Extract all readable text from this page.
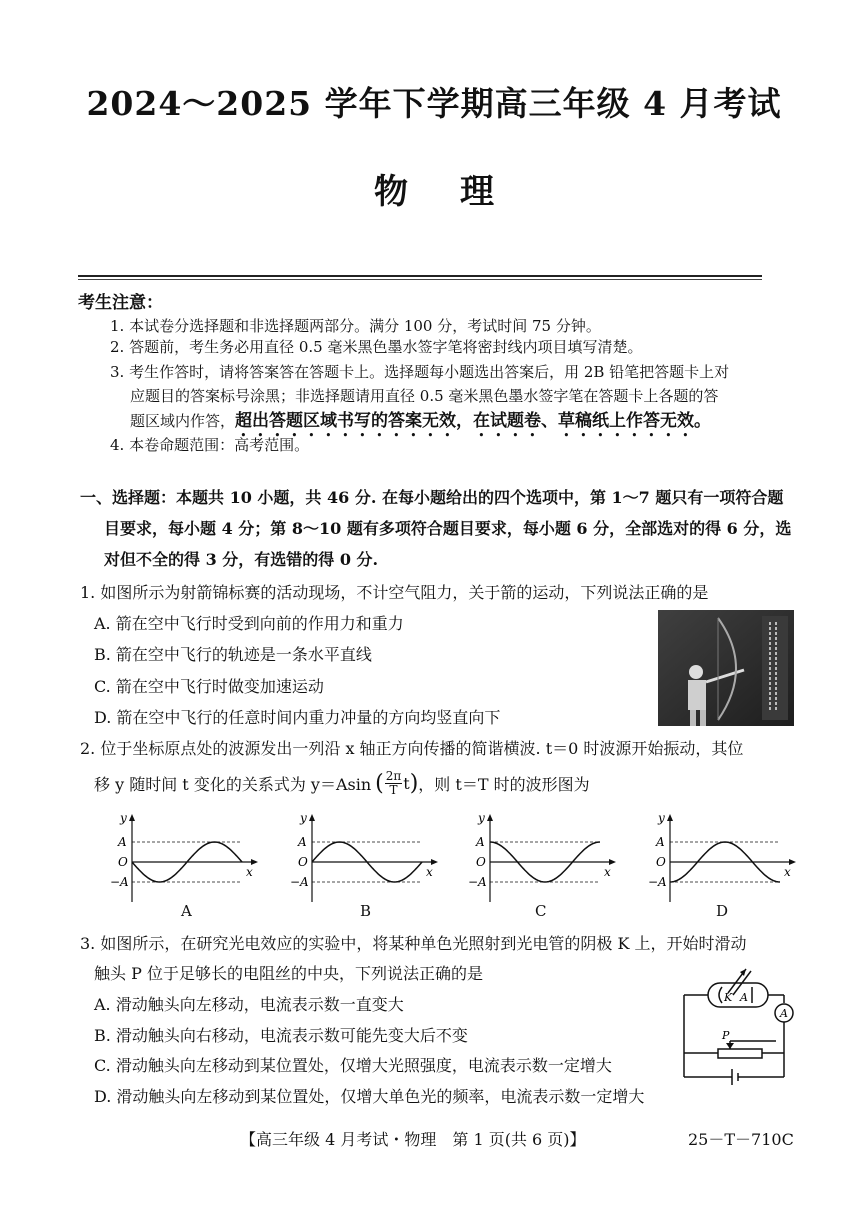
2024～2025 学年下学期高三年级 4 月考试
物理
考生注意：
1. 本试卷分选择题和非选择题两部分。满分 100 分，考试时间 75 分钟。
2. 答题前，考生务必用直径 0.5 毫米黑色墨水签字笔将密封线内项目填写清楚。
3. 考生作答时，请将答案答在答题卡上。选择题每小题选出答案后，用 2B 铅笔把答题卡上对
应题目的答案标号涂黑；非选择题请用直径 0.5 毫米黑色墨水签字笔在答题卡上各题的答
题区域内作答，超出答题区域书写的答案无效，在试题卷、草稿纸上作答无效。
4. 本卷命题范围：高考范围。
一、选择题：本题共 10 小题，共 46 分. 在每小题给出的四个选项中，第 1～7 题只有一项符合题
目要求，每小题 4 分；第 8～10 题有多项符合题目要求，每小题 6 分，全部选对的得 6 分，选
对但不全的得 3 分，有选错的得 0 分.
1. 如图所示为射箭锦标赛的活动现场，不计空气阻力，关于箭的运动，下列说法正确的是
A. 箭在空中飞行时受到向前的作用力和重力
B. 箭在空中飞行的轨迹是一条水平直线
C. 箭在空中飞行时做变加速运动
D. 箭在空中飞行的任意时间内重力冲量的方向均竖直向下
2. 位于坐标原点处的波源发出一列沿 x 轴正方向传播的简谐横波. t＝0 时波源开始振动，其位
移 y 随时间 t 变化的关系式为 y＝Asin ( $\frac{2\pi}{T}$ t ) ，则 t＝T 时的波形图为
y
A
O
−A
x
y
A
O
−A
x
y
A
O
−A
x
y
A
O
−A
x
A	B	C	D
3. 如图所示，在研究光电效应的实验中，将某种单色光照射到光电管的阴极 K 上，开始时滑动
触头 P 位于足够长的电阻丝的中央，下列说法正确的是
A. 滑动触头向左移动，电流表示数一直变大
B. 滑动触头向右移动，电流表示数可能先变大后不变
C. 滑动触头向左移动到某位置处，仅增大光照强度，电流表示数一定增大
D. 滑动触头向左移动到某位置处，仅增大单色光的频率，电流表示数一定增大
K A
A
P
【高三年级 4 月考试・物理　第 1 页(共 6 页)】	25－T－710C
